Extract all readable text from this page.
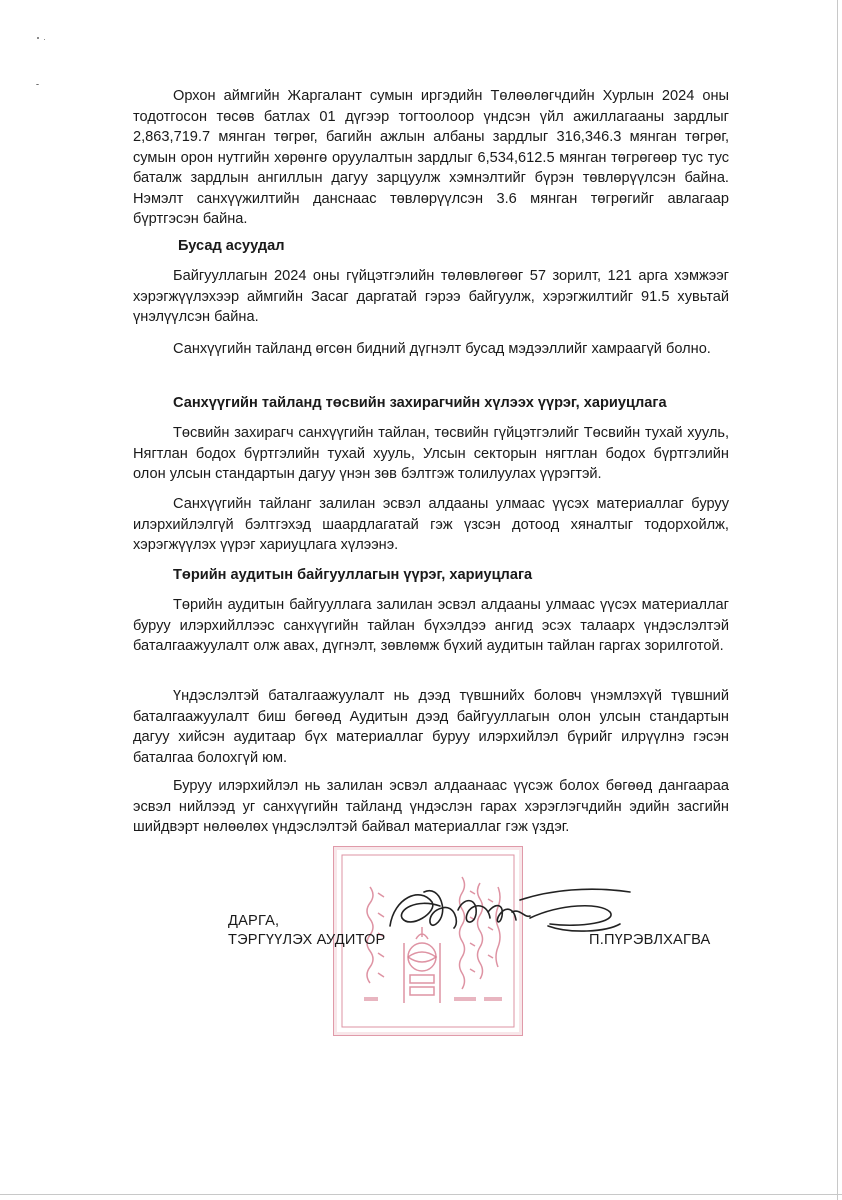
Орхон аймгийн Жаргалант сумын иргэдийн Төлөөлөгчдийн Хурлын 2024 оны тодотгосон төсөв батлах 01 дүгээр тогтоолоор үндсэн үйл ажиллагааны зардлыг 2,863,719.7 мянган төгрөг, багийн ажлын албаны зардлыг 316,346.3 мянган төгрөг, сумын орон нутгийн хөрөнгө оруулалтын зардлыг 6,534,612.5 мянган төгрөгөөр тус тус баталж зардлын ангиллын дагуу зарцуулж хэмнэлтийг бүрэн төвлөрүүлсэн байна. Нэмэлт санхүүжилтийн данснаас төвлөрүүлсэн 3.6 мянган төгрөгийг авлагаар бүртгэсэн байна.

Бусад асуудал

Байгууллагын 2024 оны гүйцэтгэлийн төлөвлөгөөг 57 зорилт, 121 арга хэмжээг хэрэгжүүлэхээр аймгийн Засаг даргатай гэрээ байгуулж, хэрэгжилтийг 91.5 хувьтай үнэлүүлсэн байна.

Санхүүгийн тайланд өгсөн бидний дүгнэлт бусад мэдээллийг хамраагүй болно.

Санхүүгийн тайланд төсвийн захирагчийн хүлээх үүрэг, хариуцлага

Төсвийн захирагч санхүүгийн тайлан, төсвийн гүйцэтгэлийг Төсвийн тухай хууль, Нягтлан бодох бүртгэлийн тухай хууль, Улсын секторын нягтлан бодох бүртгэлийн олон улсын стандартын дагуу үнэн зөв бэлтгэж толилуулах үүрэгтэй.

Санхүүгийн тайланг залилан эсвэл алдааны улмаас үүсэх материаллаг буруу илэрхийлэлгүй бэлтгэхэд шаардлагатай гэж үзсэн дотоод хяналтыг тодорхойлж, хэрэгжүүлэх үүрэг хариуцлага хүлээнэ.

Төрийн аудитын байгууллагын үүрэг, хариуцлага

Төрийн аудитын байгууллага залилан эсвэл алдааны улмаас үүсэх материаллаг буруу илэрхийллээс санхүүгийн тайлан бүхэлдээ ангид эсэх талаарх үндэслэлтэй баталгаажуулалт олж авах, дүгнэлт, зөвлөмж бүхий аудитын тайлан гаргах зорилготой.

Үндэслэлтэй баталгаажуулалт нь дээд түвшнийх боловч үнэмлэхүй түвшний баталгаажуулалт биш бөгөөд Аудитын дээд байгууллагын олон улсын стандартын дагуу хийсэн аудитаар бүх материаллаг буруу илэрхийлэл бүрийг илрүүлнэ гэсэн баталгаа болохгүй юм.

Буруу илэрхийлэл нь залилан эсвэл алдаанаас үүсэж болох бөгөөд дангаараа эсвэл нийлээд уг санхүүгийн тайланд үндэслэн гарах хэрэглэгчдийн эдийн засгийн шийдвэрт нөлөөлөх үндэслэлтэй байвал материаллаг гэж үздэг.

ДАРГА,

ТЭРГҮҮЛЭХ АУДИТОР	П.ПҮРЭВЛХАГВА
